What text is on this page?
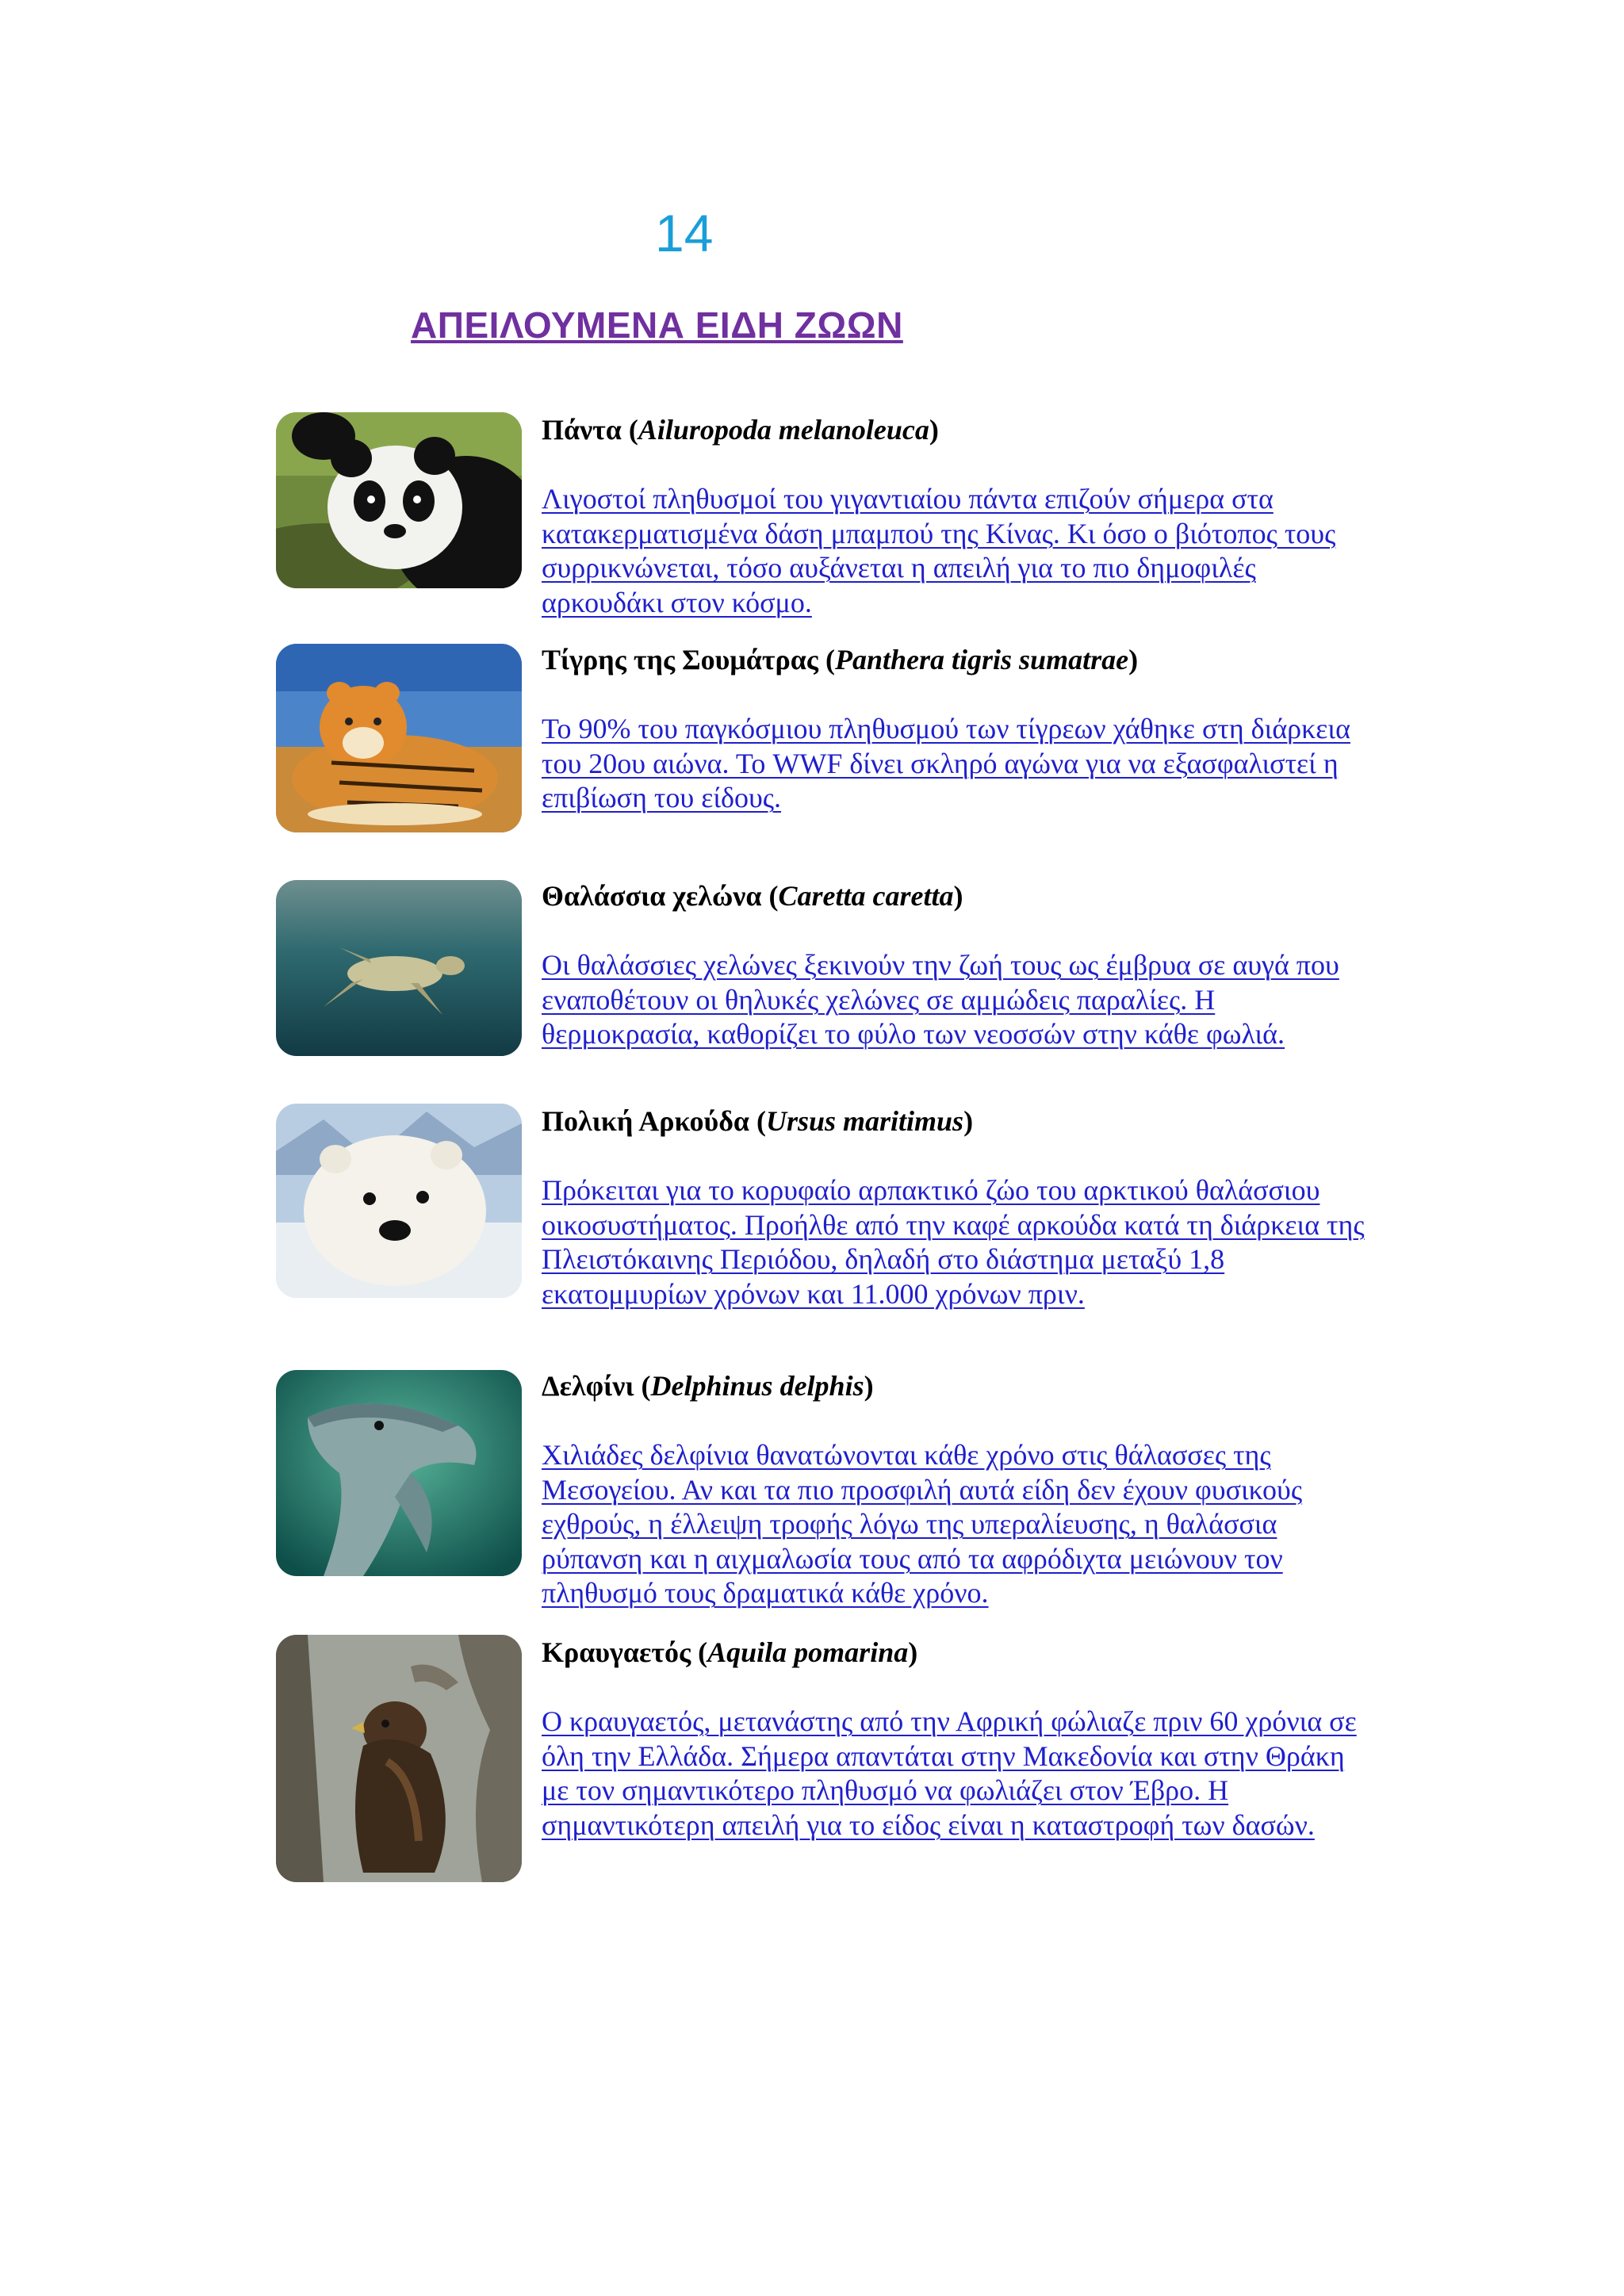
14
ΑΠΕΙΛΟΥΜΕΝΑ ΕΙΔΗ ΖΩΩΝ

Πάντα (Ailuropoda melanoleuca)

Λιγοστοί πληθυσμοί του γιγαντιαίου πάντα επιζούν σήμερα στα κατακερματισμένα δάση μπαμπού της Κίνας. Κι όσο ο βιότοπος τους συρρικνώνεται, τόσο αυξάνεται η απειλή για το πιο δημοφιλές αρκουδάκι στον κόσμο.

Τίγρης της Σουμάτρας (Panthera tigris sumatrae)

Το 90% του παγκόσμιου πληθυσμού των τίγρεων χάθηκε στη διάρκεια του 20ου αιώνα. Το WWF δίνει σκληρό αγώνα για να εξασφαλιστεί η επιβίωση του είδους.

Θαλάσσια χελώνα (Caretta caretta)

Οι θαλάσσιες χελώνες ξεκινούν την ζωή τους ως έμβρυα σε αυγά που εναποθέτουν οι θηλυκές χελώνες σε αμμώδεις παραλίες. Η θερμοκρασία, καθορίζει το φύλο των νεοσσών στην κάθε φωλιά.

Πολική Αρκούδα (Ursus maritimus)

Πρόκειται για το κορυφαίο αρπακτικό ζώο του αρκτικού θαλάσσιου οικοσυστήματος. Προήλθε από την καφέ αρκούδα κατά τη διάρκεια της Πλειστόκαινης Περιόδου, δηλαδή στο διάστημα μεταξύ 1,8 εκατομμυρίων χρόνων και 11.000 χρόνων πριν.

Δελφίνι (Delphinus delphis)

Χιλιάδες δελφίνια θανατώνονται κάθε χρόνο στις θάλασσες της Μεσογείου. Αν και τα πιο προσφιλή αυτά είδη δεν έχουν φυσικούς εχθρούς, η έλλειψη τροφής λόγω της υπεραλίευσης, η θαλάσσια ρύπανση και η αιχμαλωσία τους από τα αφρόδιχτα μειώνουν τον πληθυσμό τους δραματικά κάθε χρόνο.

Κραυγαετός (Aquila pomarina)

Ο κραυγαετός, μετανάστης από την Αφρική φώλιαζε πριν 60 χρόνια σε όλη την Ελλάδα. Σήμερα απαντάται στην Μακεδονία και στην Θράκη με τον σημαντικότερο πληθυσμό να φωλιάζει στον Έβρο. Η σημαντικότερη απειλή για το είδος είναι η καταστροφή των δασών.
